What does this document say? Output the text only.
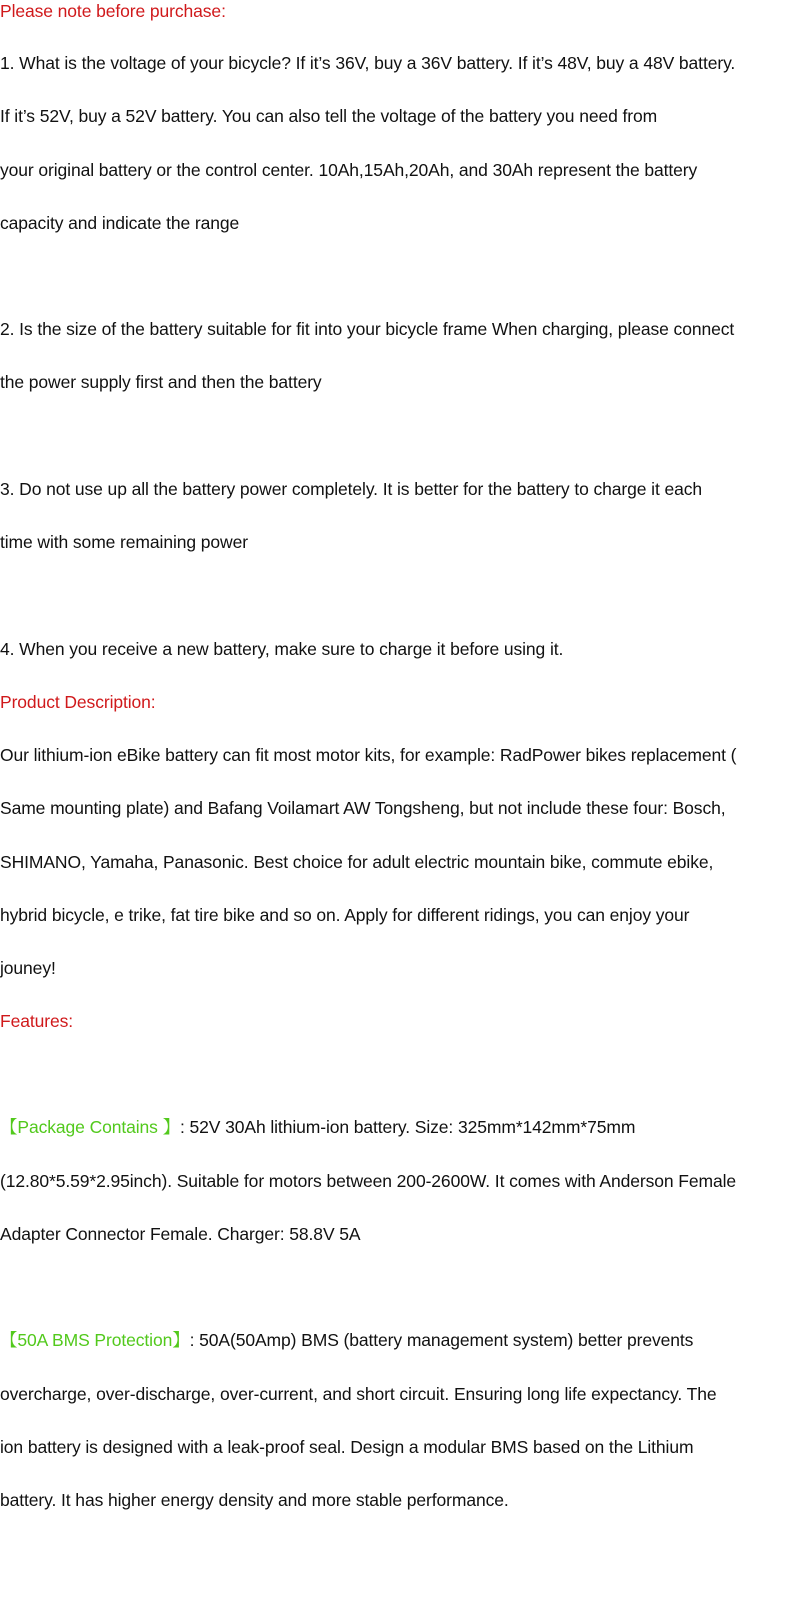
Please note before purchase:
1. What is the voltage of your bicycle? If it’s 36V, buy a 36V battery. If it’s 48V, buy a 48V battery.
If it’s 52V, buy a 52V battery. You can also tell the voltage of the battery you need from
your original battery or the control center. 10Ah,15Ah,20Ah, and 30Ah represent the battery
capacity and indicate the range
2. Is the size of the battery suitable for fit into your bicycle frame When charging, please connect
the power supply first and then the battery
3. Do not use up all the battery power completely. It is better for the battery to charge it each
time with some remaining power
4. When you receive a new battery, make sure to charge it before using it.
Product Description:
Our lithium-ion eBike battery can fit most motor kits, for example: RadPower bikes replacement (
Same mounting plate) and Bafang Voilamart AW Tongsheng, but not include these four: Bosch,
SHIMANO, Yamaha, Panasonic. Best choice for adult electric mountain bike, commute ebike,
hybrid bicycle, e trike, fat tire bike and so on. Apply for different ridings, you can enjoy your
jouney!
Features:
【Package Contains 】: 52V 30Ah lithium-ion battery. Size: 325mm*142mm*75mm
(12.80*5.59*2.95inch). Suitable for motors between 200-2600W. It comes with Anderson Female
Adapter Connector Female. Charger: 58.8V 5A
【50A BMS Protection】: 50A(50Amp) BMS (battery management system) better prevents
overcharge, over-discharge, over-current, and short circuit. Ensuring long life expectancy. The
ion battery is designed with a leak-proof seal. Design a modular BMS based on the Lithium
battery. It has higher energy density and more stable performance.
